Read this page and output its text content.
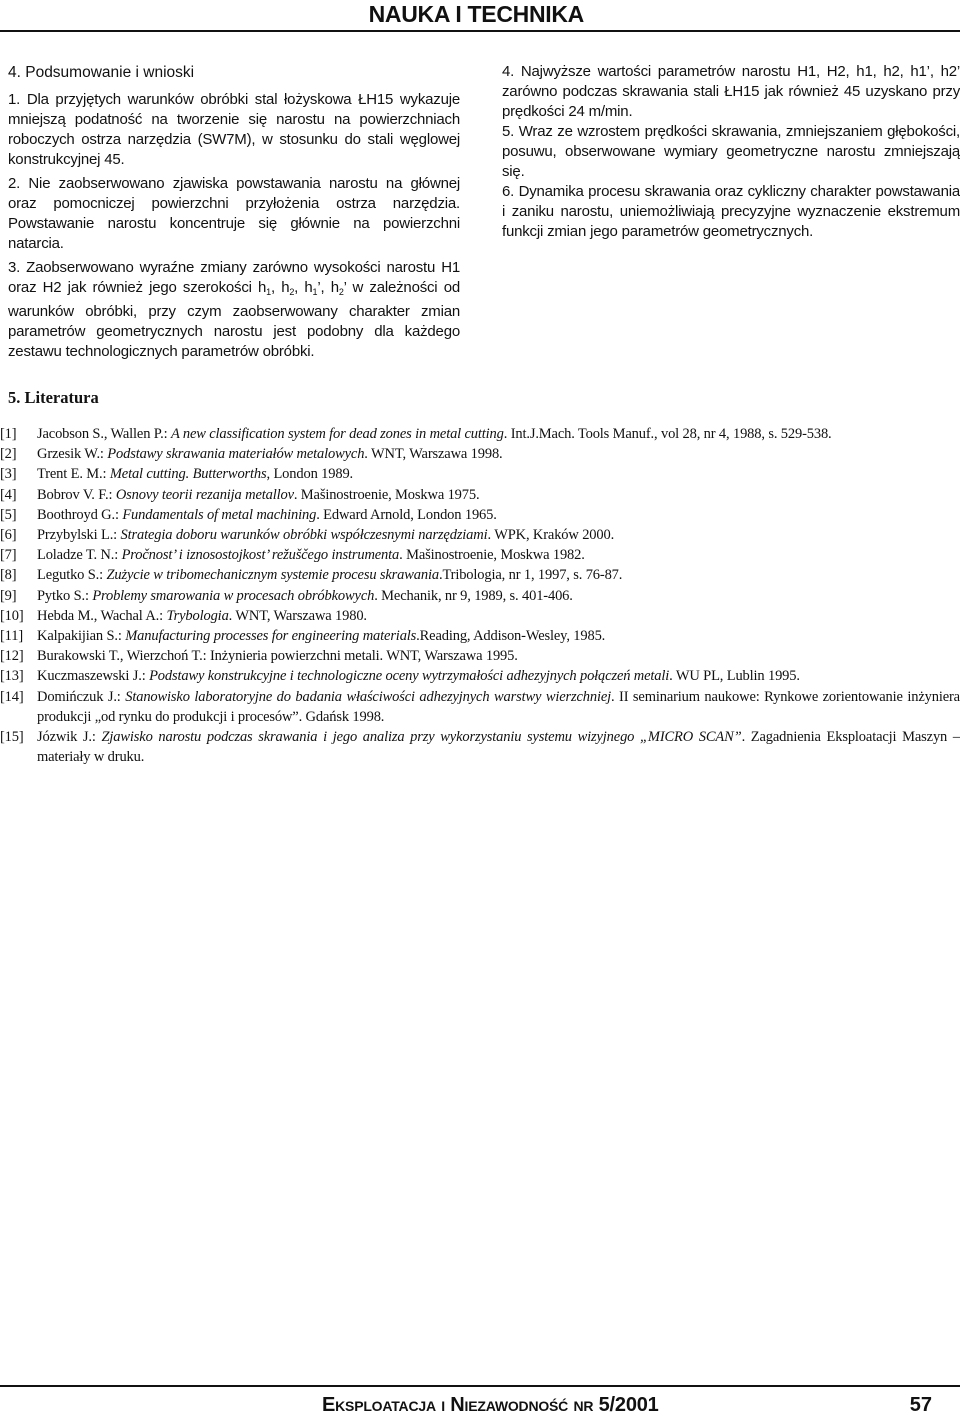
NAUKA I TECHNIKA
4. Podsumowanie i wnioski

1. Dla przyjętych warunków obróbki stal łożyskowa ŁH15 wykazuje mniejszą podatność na tworzenie się narostu na powierzchniach roboczych ostrza narzędzia (SW7M), w stosunku do stali węglowej konstrukcyjnej 45.

2. Nie zaobserwowano zjawiska powstawania narostu na głównej oraz pomocniczej powierzchni przyłożenia ostrza narzędzia. Powstawanie narostu koncentruje się głównie na powierzchni natarcia.

3. Zaobserwowano wyraźne zmiany zarówno wysokości narostu H1 oraz H2 jak również jego szerokości $h_1$, $h_2$, $h_1$’, $h_2$’ w zależności od warunków obróbki, przy czym zaobserwowany charakter zmian parametrów geometrycznych narostu jest podobny dla każdego zestawu technologicznych parametrów obróbki.

4. Najwyższe wartości parametrów narostu H1, H2, h1, h2, h1’, h2’ zarówno podczas skrawania stali ŁH15 jak również 45 uzyskano przy prędkości 24 m/min.

5. Wraz ze wzrostem prędkości skrawania, zmniejszaniem głębokości, posuwu, obserwowane wymiary geometryczne narostu zmniejszają się.

6. Dynamika procesu skrawania oraz cykliczny charakter powstawania i zaniku narostu, uniemożliwiają precyzyjne wyznaczenie ekstremum funkcji zmian jego parametrów geometrycznych.

5. Literatura
[1] Jacobson S., Wallen P.: A new classification system for dead zones in metal cutting. Int.J.Mach. Tools Manuf., vol 28, nr 4, 1988, s. 529-538.
[2] Grzesik W.: Podstawy skrawania materiałów metalowych. WNT, Warszawa 1998.
[3] Trent E. M.: Metal cutting. Butterworths, London 1989.
[4] Bobrov V. F.: Osnovy teorii rezanija metallov. Mašinostroenie, Moskwa 1975.
[5] Boothroyd G.: Fundamentals of metal machining. Edward Arnold, London 1965.
[6] Przybylski L.: Strategia doboru warunków obróbki współczesnymi narzędziami. WPK, Kraków 2000.
[7] Loladze T. N.: Pročnost’ i iznosostojkost’ režuščego instrumenta. Mašinostroenie, Moskwa 1982.
[8] Legutko S.: Zużycie w tribomechanicznym systemie procesu skrawania.Tribologia, nr 1, 1997, s. 76-87.
[9] Pytko S.: Problemy smarowania w procesach obróbkowych. Mechanik, nr 9, 1989, s. 401-406.
[10] Hebda M., Wachal A.: Trybologia. WNT, Warszawa 1980.
[11] Kalpakijian S.: Manufacturing processes for engineering materials.Reading, Addison-Wesley, 1985.
[12] Burakowski T., Wierzchoń T.: Inżynieria powierzchni metali. WNT, Warszawa 1995.
[13] Kuczmaszewski J.: Podstawy konstrukcyjne i technologiczne oceny wytrzymałości adhezyjnych połączeń metali. WU PL, Lublin 1995.
[14] Domińczuk J.: Stanowisko laboratoryjne do badania właściwości adhezyjnych warstwy wierzchniej. II seminarium naukowe: Rynkowe zorientowanie inżyniera produkcji „od rynku do produkcji i procesów”. Gdańsk 1998.
[15] Józwik J.: Zjawisko narostu podczas skrawania i jego analiza przy wykorzystaniu systemu wizyjnego „MICRO SCAN”. Zagadnienia Eksploatacji Maszyn – materiały w druku.
Eksploatacja i Niezawodność nr 5/2001	57
